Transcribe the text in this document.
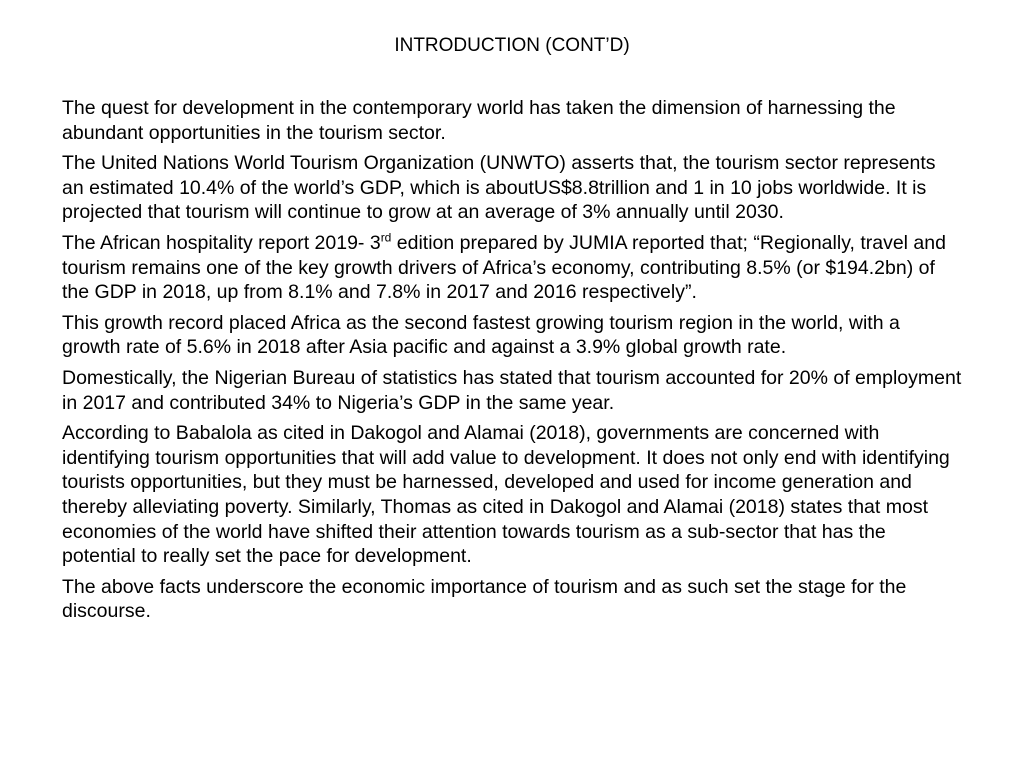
INTRODUCTION (CONT’D)

The quest for development in the contemporary world has taken the dimension of harnessing the abundant opportunities in the tourism sector.

The United Nations World Tourism Organization (UNWTO) asserts that, the tourism sector represents an estimated 10.4% of the world’s GDP, which is aboutUS$8.8trillion and 1 in 10 jobs worldwide. It is projected that tourism will continue to grow at an average of 3% annually until 2030.

The African hospitality report 2019- 3rd edition prepared by JUMIA reported that; “Regionally, travel and tourism remains one of the key growth drivers of Africa’s economy, contributing 8.5% (or $194.2bn) of the GDP in 2018, up from 8.1% and 7.8% in 2017 and 2016 respectively”.

This growth record placed Africa as the second fastest growing tourism region in the world, with a growth rate of 5.6% in 2018 after Asia pacific and against a 3.9% global growth rate.

Domestically, the Nigerian Bureau of statistics has stated that tourism accounted for 20% of employment in 2017 and contributed 34% to Nigeria’s GDP in the same year.

According to Babalola as cited in Dakogol and Alamai (2018), governments are concerned with identifying tourism opportunities that will add value to development. It does not only end with identifying tourists opportunities, but they must be harnessed, developed and used for income generation and thereby alleviating poverty. Similarly, Thomas as cited in Dakogol and Alamai (2018) states that most economies of the world have shifted their attention towards tourism as a sub-sector that has the potential to really set the pace for development.

The above facts underscore the economic importance of tourism and as such set the stage for the discourse.
